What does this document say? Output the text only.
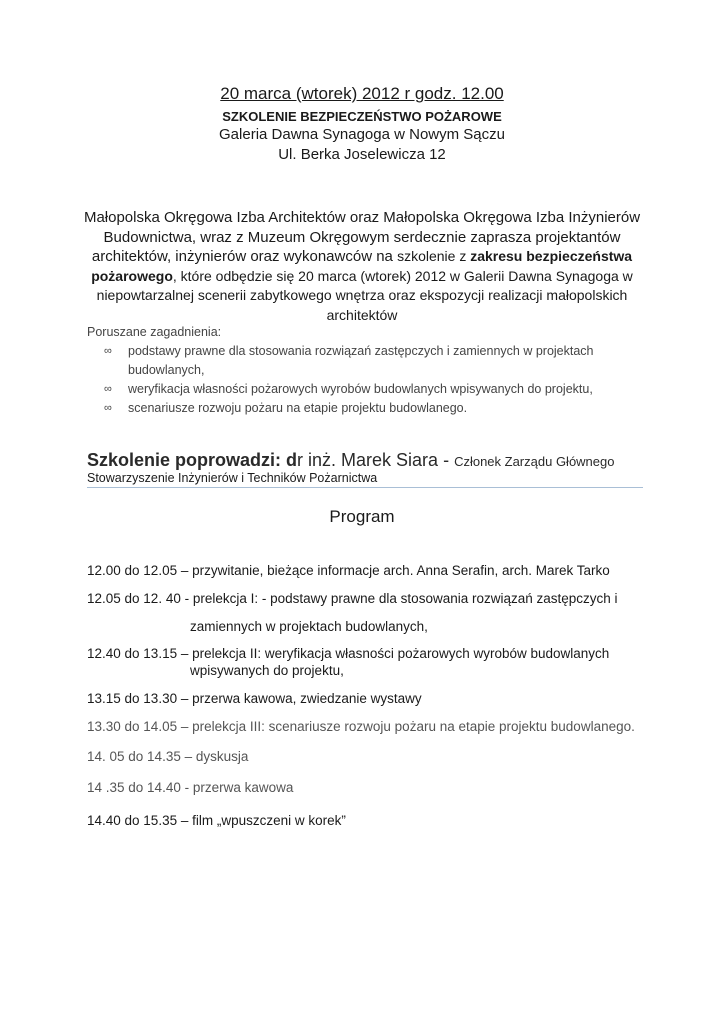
20 marca (wtorek) 2012 r godz. 12.00
SZKOLENIE BEZPIECZEŃSTWO POŻAROWE
Galeria Dawna Synagoga w Nowym Sączu
Ul. Berka Joselewicza 12
Małopolska Okręgowa Izba Architektów oraz Małopolska Okręgowa Izba Inżynierów
Budownictwa, wraz z Muzeum Okręgowym serdecznie zaprasza projektantów
architektów, inżynierów oraz wykonawców na szkolenie z zakresu bezpieczeństwa
pożarowego, które odbędzie się 20 marca (wtorek) 2012 w Galerii Dawna Synagoga w
niepowtarzalnej scenerii zabytkowego wnętrza oraz ekspozycji realizacji małopolskich
architektów
Poruszane zagadnienia:
∞ podstawy prawne dla stosowania rozwiązań zastępczych i zamiennych w projektach
budowlanych,
∞ weryfikacja własności pożarowych wyrobów budowlanych wpisywanych do projektu,
∞ scenariusze rozwoju pożaru na etapie projektu budowlanego.
Szkolenie poprowadzi: dr inż. Marek Siara - Członek Zarządu Głównego
Stowarzyszenie Inżynierów i Techników Pożarnictwa
Program
12.00 do 12.05 – przywitanie, bieżące informacje arch. Anna Serafin, arch. Marek Tarko
12.05 do 12. 40 - prelekcja I: - podstawy prawne dla stosowania rozwiązań zastępczych i
zamiennych w projektach budowlanych,
12.40 do 13.15 – prelekcja II: weryfikacja własności pożarowych wyrobów budowlanych
wpisywanych do projektu,
13.15 do 13.30 – przerwa kawowa, zwiedzanie wystawy
13.30 do 14.05 – prelekcja III: scenariusze rozwoju pożaru na etapie projektu budowlanego.
14. 05 do 14.35 – dyskusja
14 .35 do 14.40 - przerwa kawowa
14.40 do 15.35 – film „wpuszczeni w korek”
